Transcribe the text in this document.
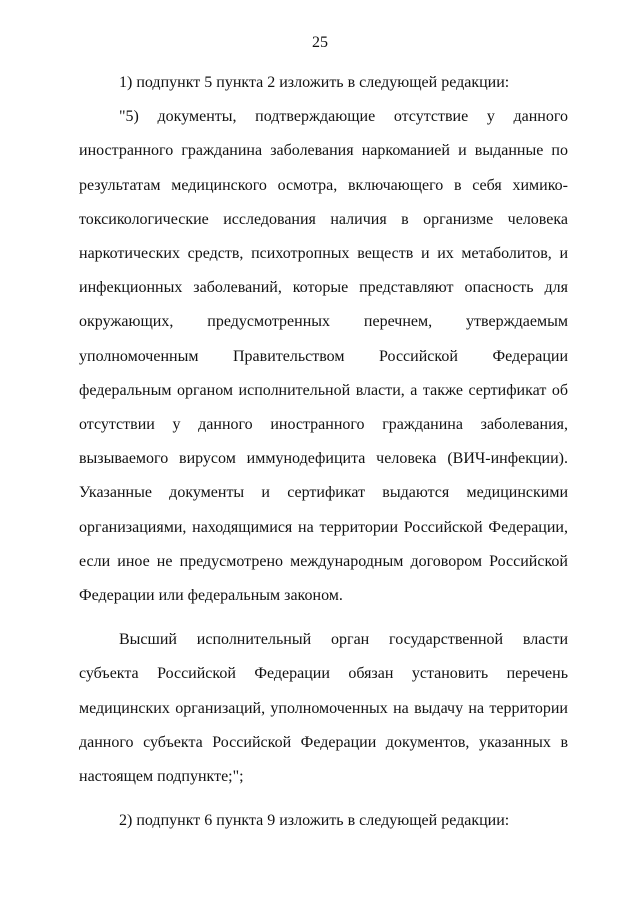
25

1) подпункт 5 пункта 2 изложить в следующей редакции:

"5) документы, подтверждающие отсутствие у данного иностранного гражданина заболевания наркоманией и выданные по результатам медицинского осмотра, включающего в себя химико-токсикологические исследования наличия в организме человека наркотических средств, психотропных веществ и их метаболитов, и инфекционных заболеваний, которые представляют опасность для окружающих, предусмотренных перечнем, утверждаемым уполномоченным Правительством Российской Федерации федеральным органом исполнительной власти, а также сертификат об отсутствии у данного иностранного гражданина заболевания, вызываемого вирусом иммунодефицита человека (ВИЧ-инфекции). Указанные документы и сертификат выдаются медицинскими организациями, находящимися на территории Российской Федерации, если иное не предусмотрено международным договором Российской Федерации или федеральным законом.

Высший исполнительный орган государственной власти субъекта Российской Федерации обязан установить перечень медицинских организаций, уполномоченных на выдачу на территории данного субъекта Российской Федерации документов, указанных в настоящем подпункте;";

2) подпункт 6 пункта 9 изложить в следующей редакции:
